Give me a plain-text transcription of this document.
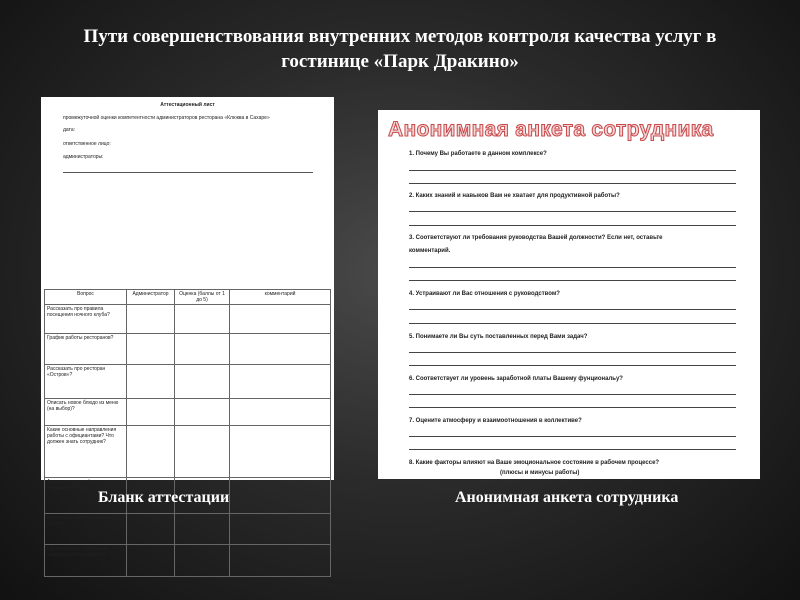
Пути совершенствования внутренних методов контроля качества услуг в
гостинице «Парк Дракино»
Аттестационный лист
промежуточной оценки компетентности администраторов ресторана «Клюква в Сахаре»
дата:
ответственное лицо:
администраторы:
Вопрос	Администратор	Оценка (баллы от 1 до 5)	комментарий
Рассказать про правила посещения ночного клуба?			
График работы ресторанов?			
Рассказать про ресторан «Остров»?			
Описать новое блюдо из меню (на выбор)?			
Какие основные направления работы с официантами? Что должен знать сотрудник?			
Акции ресторана (день рождения, юбилеи, годовщина)?			
Как осуществляется возврат по кассе?			
Как проверить проведение операции по терминалу?			
Анонимная анкета сотрудника
1. Почему Вы работаете в данном комплексе?
2. Каких знаний и навыков Вам не хватает для продуктивной работы?
3. Соответствуют ли требования руководства Вашей должности? Если нет, оставьте
комментарий.
4. Устраивают ли Вас отношения с руководством?
5. Понимаете ли Вы суть поставленных перед Вами задач?
6. Соответствует ли уровень заработной платы Вашему фунциональу?
7. Оцените атмосферу и взаимоотношения в коллективе?
8. Какие факторы влияют на Ваше эмоциональное состояние в рабочем процессе?
(плюсы и минусы работы)
Бланк аттестации	Анонимная анкета сотрудника
